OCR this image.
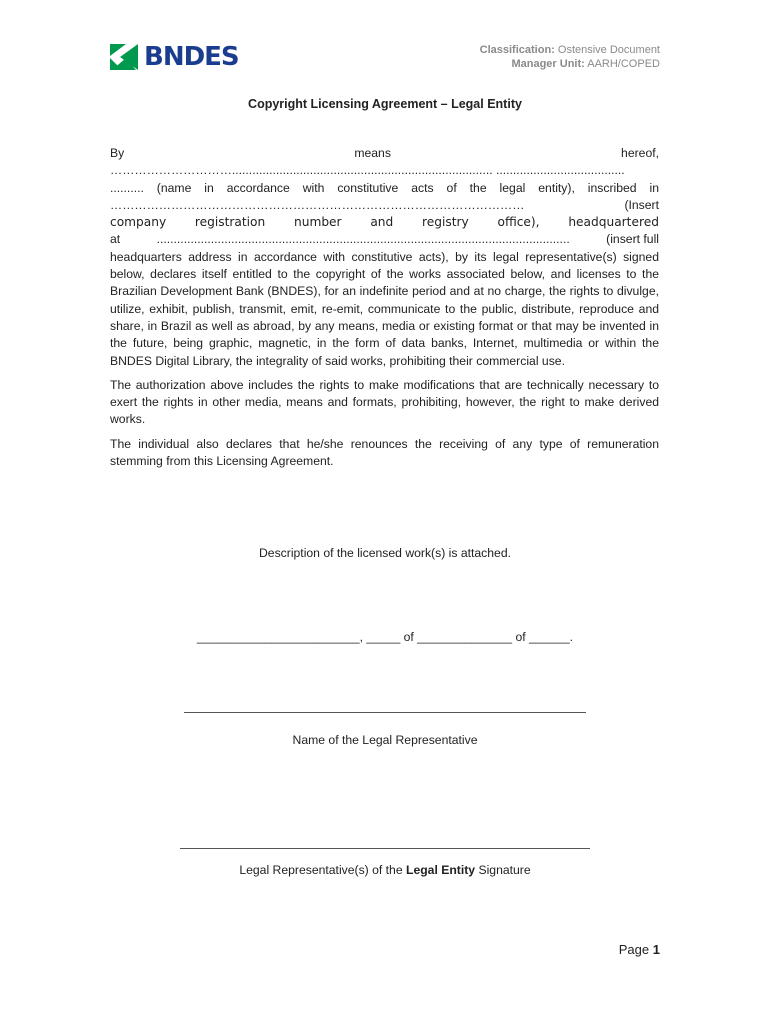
BNDES	Classification: Ostensive Document
Manager Unit: AARH/COPED
Copyright Licensing Agreement – Legal Entity
By	means	hereof,
…………………………............................................................................. ......................................
.......... (name in accordance with constitutive acts of the legal entity), inscribed in
…………………………………………………………………………………………	(Insert
company registration number and registry office), headquartered
at	..........................................................................................................................	(insert full

headquarters address in accordance with constitutive acts), by its legal representative(s) signed below, declares itself entitled to the copyright of the works associated below, and licenses to the Brazilian Development Bank (BNDES), for an indefinite period and at no charge, the rights to divulge, utilize, exhibit, publish, transmit, emit, re-emit, communicate to the public, distribute, reproduce and share, in Brazil as well as abroad, by any means, media or existing format or that may be invented in the future, being graphic, magnetic, in the form of data banks, Internet, multimedia or within the BNDES Digital Library, the integrality of said works, prohibiting their commercial use.

The authorization above includes the rights to make modifications that are technically necessary to exert the rights in other media, means and formats, prohibiting, however, the right to make derived works.

The individual also declares that he/she renounces the receiving of any type of remuneration stemming from this Licensing Agreement.

Description of the licensed work(s) is attached.
________________________, _____ of ______________ of ______.
Name of the Legal Representative
Legal Representative(s) of the Legal Entity Signature
Page 1
